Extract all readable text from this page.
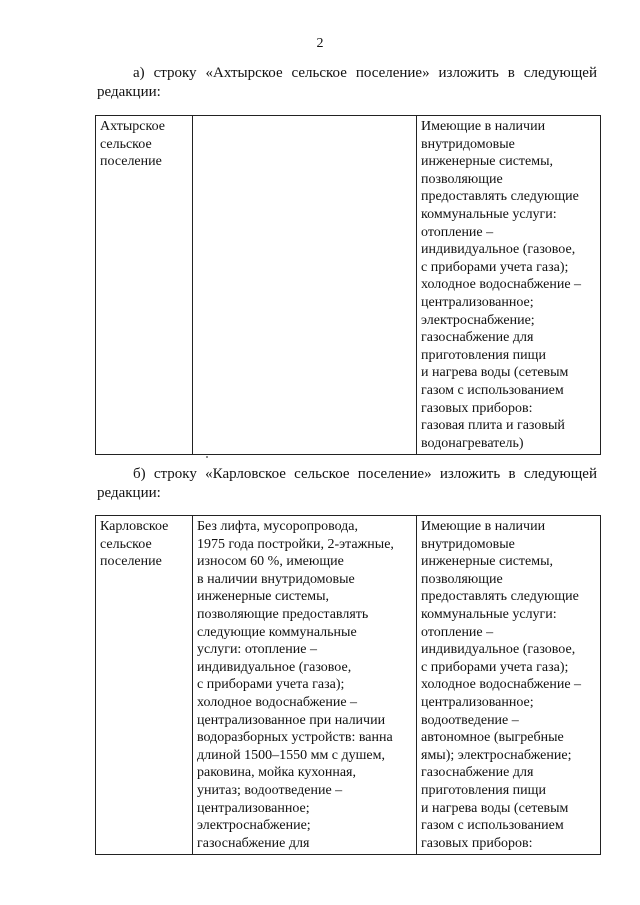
2
а) строку «Ахтырское сельское поселение» изложить в следующей
редакции:
Ахтырское
сельское
поселение		Имеющие в наличии
внутридомовые
инженерные системы,
позволяющие
предоставлять следующие
коммунальные услуги:
отопление –
индивидуальное (газовое,
с приборами учета газа);
холодное водоснабжение –
централизованное;
электроснабжение;
газоснабжение для
приготовления пищи
и нагрева воды (сетевым
газом с использованием
газовых приборов:
газовая плита и газовый
водонагреватель)
б) строку «Карловское сельское поселение» изложить в следующей
редакции:
Карловское
сельское
поселение	Без лифта, мусоропровода,
1975 года постройки, 2-этажные,
износом 60 %, имеющие
в наличии внутридомовые
инженерные системы,
позволяющие предоставлять
следующие коммунальные
услуги: отопление –
индивидуальное (газовое,
с приборами учета газа);
холодное водоснабжение –
централизованное при наличии
водоразборных устройств: ванна
длиной 1500–1550 мм с душем,
раковина, мойка кухонная,
унитаз; водоотведение –
централизованное;
электроснабжение;
газоснабжение для	Имеющие в наличии
внутридомовые
инженерные системы,
позволяющие
предоставлять следующие
коммунальные услуги:
отопление –
индивидуальное (газовое,
с приборами учета газа);
холодное водоснабжение –
централизованное;
водоотведение –
автономное (выгребные
ямы); электроснабжение;
газоснабжение для
приготовления пищи
и нагрева воды (сетевым
газом с использованием
газовых приборов:
